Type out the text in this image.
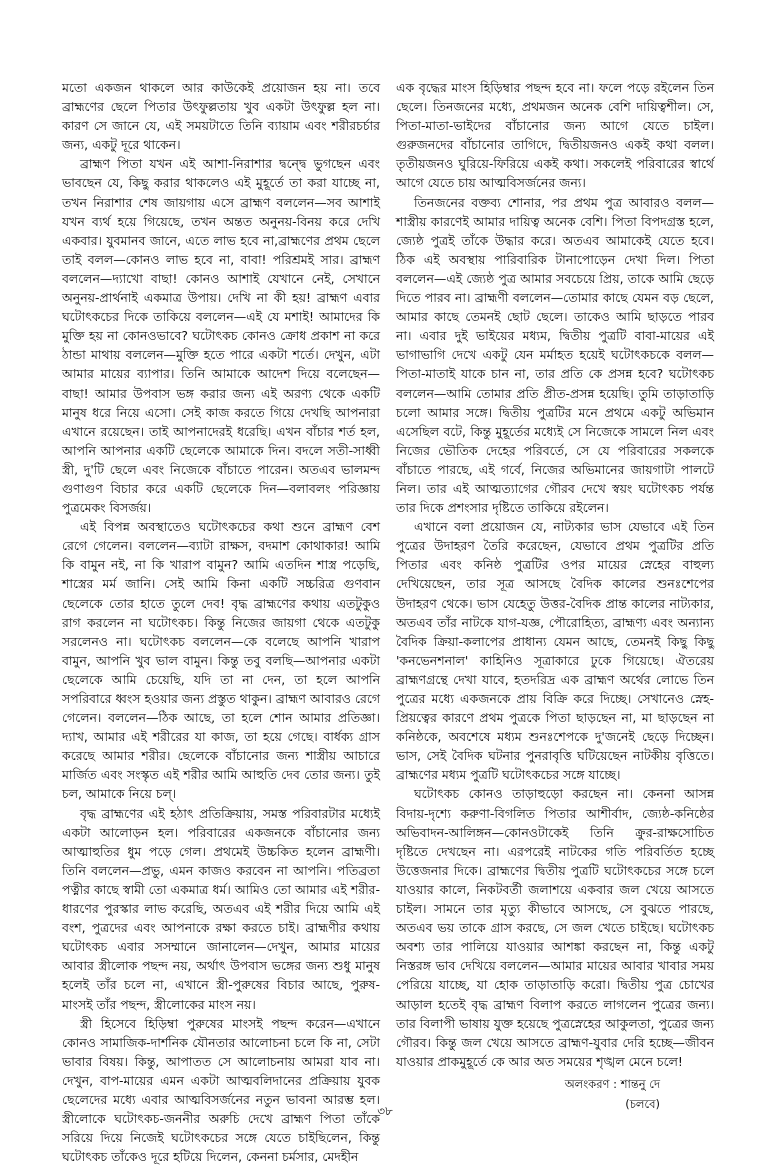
মতো একজন থাকলে আর কাউকেই প্রয়োজন হয় না। তবে ব্রাহ্মণের ছেলে পিতার উৎফুল্লতায় খুব একটা উৎফুল্ল হল না। কারণ সে জানে যে, এই সময়টাতে তিনি ব্যায়াম এবং শরীরচর্চার জন্য, একটু দূরে থাকেন।

ব্রাহ্মণ পিতা যখন এই আশা-নিরাশার দ্বন্দ্বে ভুগছেন এবং ভাবছেন যে, কিছু করার থাকলেও এই মুহূর্তে তা করা যাচ্ছে না, তখন নিরাশার শেষ জায়গায় এসে ব্রাহ্মণ বললেন—সব আশাই যখন ব্যর্থ হয়ে গিয়েছে, তখন অন্তত অনুনয়-বিনয় করে দেখি একবার। যুবমানব জানে, এতে লাভ হবে না,ব্রাহ্মণের প্রথম ছেলে তাই বলল—কোনও লাভ হবে না, বাবা! পরিশ্রমই সার। ব্রাহ্মণ বললেন—দ্যাখো বাছা! কোনও আশাই যেখানে নেই, সেখানে অনুনয়-প্রার্থনাই একমাত্র উপায়। দেখি না কী হয়! ব্রাহ্মণ এবার ঘটোৎকচের দিকে তাকিয়ে বললেন—এই যে মশাই! আমাদের কি মুক্তি হয় না কোনওভাবে? ঘটোৎকচ কোনও ক্রোধ প্রকাশ না করে ঠান্ডা মাথায় বললেন—মুক্তি হতে পারে একটা শর্তে। দেখুন, এটা আমার মায়ের ব্যাপার। তিনি আমাকে আদেশ দিয়ে বলেছেন—বাছা! আমার উপবাস ভঙ্গ করার জন্য এই অরণ্য থেকে একটি মানুষ ধরে নিয়ে এসো। সেই কাজ করতে গিয়ে দেখছি আপনারা এখানে রয়েছেন। তাই আপনাদেরই ধরেছি। এখন বাঁচার শর্ত হল, আপনি আপনার একটি ছেলেকে আমাকে দিন। বদলে সতী-সাধ্বী স্ত্রী, দু'টি ছেলে এবং নিজেকে বাঁচাতে পারেন। অতএব ভালমন্দ গুণাগুণ বিচার করে একটি ছেলেকে দিন—বলাবলং পরিজ্ঞায় পুত্রমেকং বিসর্জয়।

এই বিপন্ন অবস্থাতেও ঘটোৎকচের কথা শুনে ব্রাহ্মণ বেশ রেগে গেলেন। বললেন—ব্যাটা রাক্ষস, বদমাশ কোথাকার! আমি কি বামুন নই, না কি খারাপ বামুন? আমি এতদিন শাস্ত্র পড়েছি, শাস্ত্রের মর্ম জানি। সেই আমি কিনা একটি সচ্চরিত্র গুণবান ছেলেকে তোর হাতে তুলে দেব! বৃদ্ধ ব্রাহ্মণের কথায় এতটুকুও রাগ করলেন না ঘটোৎকচ। কিন্তু নিজের জায়গা থেকে এতটুকু সরলেনও না। ঘটোৎকচ বললেন—কে বলেছে আপনি খারাপ বামুন, আপনি খুব ভাল বামুন। কিন্তু তবু বলছি—আপনার একটা ছেলেকে আমি চেয়েছি, যদি তা না দেন, তা হলে আপনি সপরিবারে ধ্বংস হওয়ার জন্য প্রস্তুত থাকুন। ব্রাহ্মণ আবারও রেগে গেলেন। বললেন—ঠিক আছে, তা হলে শোন আমার প্রতিজ্ঞা। দ্যাখ, আমার এই শরীরের যা কাজ, তা হয়ে গেছে। বার্ধক্য গ্রাস করেছে আমার শরীর। ছেলেকে বাঁচানোর জন্য শাস্ত্রীয় আচারে মার্জিত এবং সংস্কৃত এই শরীর আমি আহুতি দেব তোর জন্য। তুই চল, আমাকে নিয়ে চল্।

বৃদ্ধ ব্রাহ্মণের এই হঠাৎ প্রতিক্রিয়ায়, সমস্ত পরিবারটার মধ্যেই একটা আলোড়ন হল। পরিবারের একজনকে বাঁচানোর জন্য আত্মাহুতির ধুম পড়ে গেল। প্রথমেই উচ্চকিত হলেন ব্রাহ্মণী। তিনি বললেন—প্রভু, এমন কাজও করবেন না আপনি। পতিব্রতা পত্নীর কাছে স্বামী তো একমাত্র ধর্ম। আমিও তো আমার এই শরীর-ধারণের পুরস্কার লাভ করেছি, অতএব এই শরীর দিয়ে আমি এই বংশ, পুত্রদের এবং আপনাকে রক্ষা করতে চাই। ব্রাহ্মণীর কথায় ঘটোৎকচ এবার সসম্মানে জানালেন—দেখুন, আমার মায়ের আবার স্ত্রীলোক পছন্দ নয়, অর্থাৎ উপবাস ভঙ্গের জন্য শুধু মানুষ হলেই তাঁর চলে না, এখানে স্ত্রী-পুরুষের বিচার আছে, পুরুষ-মাংসই তাঁর পছন্দ, স্ত্রীলোকের মাংস নয়।

স্ত্রী হিসেবে হিড়িম্বা পুরুষের মাংসই পছন্দ করেন—এখানে কোনও সামাজিক-দার্শনিক যৌনতার আলোচনা চলে কি না, সেটা ভাবার বিষয়। কিন্তু, আপাতত সে আলোচনায় আমরা যাব না। দেখুন, বাপ-মায়ের এমন একটা আত্মবলিদানের প্রক্রিয়ায় যুবক ছেলেদের মধ্যে এবার আত্মবিসর্জনের নতুন ভাবনা আরম্ভ হল। স্ত্রীলোকে ঘটোৎকচ-জননীর অরুচি দেখে ব্রাহ্মণ পিতা তাঁকে সরিয়ে দিয়ে নিজেই ঘটোৎকচের সঙ্গে যেতে চাইছিলেন, কিন্তু ঘটোৎকচ তাঁকেও দূরে হটিয়ে দিলেন, কেননা চর্মসার, মেদহীন

এক বৃদ্ধের মাংস হিড়িম্বার পছন্দ হবে না। ফলে পড়ে রইলেন তিন ছেলে। তিনজনের মধ্যে, প্রথমজন অনেক বেশি দায়িত্বশীল। সে, পিতা-মাতা-ভাইদের বাঁচানোর জন্য আগে যেতে চাইল। গুরুজনদের বাঁচানোর তাগিদে, দ্বিতীয়জনও একই কথা বলল। তৃতীয়জনও ঘুরিয়ে-ফিরিয়ে একই কথা। সকলেই পরিবারের স্বার্থে আগে যেতে চায় আত্মবিসর্জনের জন্য।

তিনজনের বক্তব্য শোনার, পর প্রথম পুত্র আবারও বলল—শাস্ত্রীয় কারণেই আমার দায়িত্ব অনেক বেশি। পিতা বিপদগ্রস্ত হলে, জ্যেষ্ঠ পুত্রই তাঁকে উদ্ধার করে। অতএব আমাকেই যেতে হবে। ঠিক এই অবস্থায় পারিবারিক টানাপোড়েন দেখা দিল। পিতা বললেন—এই জ্যেষ্ঠ পুত্র আমার সবচেয়ে প্রিয়, তাকে আমি ছেড়ে দিতে পারব না। ব্রাহ্মণী বললেন—তোমার কাছে যেমন বড় ছেলে, আমার কাছে তেমনই ছোট ছেলে। তাকেও আমি ছাড়তে পারব না। এবার দুই ভাইয়ের মধ্যম, দ্বিতীয় পুত্রটি বাবা-মায়ের এই ভাগাভাগি দেখে একটু যেন মর্মাহত হয়েই ঘটোৎকচকে বলল—পিতা-মাতাই যাকে চান না, তার প্রতি কে প্রসন্ন হবে? ঘটোৎকচ বললেন—আমি তোমার প্রতি প্রীত-প্রসন্ন হয়েছি। তুমি তাড়াতাড়ি চলো আমার সঙ্গে। দ্বিতীয় পুত্রটির মনে প্রথমে একটু অভিমান এসেছিল বটে, কিন্তু মুহূর্তের মধ্যেই সে নিজেকে সামলে নিল এবং নিজের ভৌতিক দেহের পরিবর্তে, সে যে পরিবারের সকলকে বাঁচাতে পারছে, এই গর্বে, নিজের অভিমানের জায়গাটা পালটে নিল। তার এই আত্মত্যাগের গৌরব দেখে স্বয়ং ঘটোৎকচ পর্যন্ত তার দিকে প্রশংসার দৃষ্টিতে তাকিয়ে রইলেন।

এখানে বলা প্রয়োজন যে, নাট্যকার ভাস যেভাবে এই তিন পুত্রের উদাহরণ তৈরি করেছেন, যেভাবে প্রথম পুত্রটির প্রতি পিতার এবং কনিষ্ঠ পুত্রটির ওপর মায়ের স্নেহের বাহুল্য দেখিয়েছেন, তার সূত্র আসছে বৈদিক কালের শুনঃশেপের উদাহরণ থেকে। ভাস যেহেতু উত্তর-বৈদিক প্রান্ত কালের নাট্যকার, অতএব তাঁর নাটকে যাগ-যজ্ঞ, পৌরোহিত্য, ব্রাহ্মণ্য এবং অন্যান্য বৈদিক ক্রিয়া-কলাপের প্রাধান্য যেমন আছে, তেমনই কিছু কিছু 'কনভেনশনাল' কাহিনিও সূত্রাকারে ঢুকে গিয়েছে। ঐতরেয় ব্রাহ্মণগ্রন্থে দেখা যাবে, হতদরিদ্র এক ব্রাহ্মণ অর্থের লোভে তিন পুত্রের মধ্যে একজনকে প্রায় বিক্রি করে দিচ্ছে। সেখানেও স্নেহ-প্রিয়ত্বের কারণে প্রথম পুত্রকে পিতা ছাড়ছেন না, মা ছাড়ছেন না কনিষ্ঠকে, অবশেষে মধ্যম শুনঃশেপকে দু'জনেই ছেড়ে দিচ্ছেন। ভাস, সেই বৈদিক ঘটনার পুনরাবৃত্তি ঘটিয়েছেন নাটকীয় বৃত্তিতে। ব্রাহ্মণের মধ্যম পুত্রটি ঘটোৎকচের সঙ্গে যাচ্ছে।

ঘটোৎকচ কোনও তাড়াহুড়ো করছেন না। কেননা আসন্ন বিদায়-দৃশ্যে করুণা-বিগলিত পিতার আশীর্বাদ, জ্যেষ্ঠ-কনিষ্ঠের অভিবাদন-আলিঙ্গন—কোনওটাকেই তিনি ক্রুর-রাক্ষসোচিত দৃষ্টিতে দেখছেন না। এরপরেই নাটকের গতি পরিবর্তিত হচ্ছে উত্তেজনার দিকে। ব্রাহ্মণের দ্বিতীয় পুত্রটি ঘটোৎকচের সঙ্গে চলে যাওয়ার কালে, নিকটবর্তী জলাশয়ে একবার জল খেয়ে আসতে চাইল। সামনে তার মৃত্যু কীভাবে আসছে, সে বুঝতে পারছে, অতএব ভয় তাকে গ্রাস করছে, সে জল খেতে চাইছে। ঘটোৎকচ অবশ্য তার পালিয়ে যাওয়ার আশঙ্কা করছেন না, কিন্তু একটু নিস্তরঙ্গ ভাব দেখিয়ে বললেন—আমার মায়ের আবার খাবার সময় পেরিয়ে যাচ্ছে, যা হোক তাড়াতাড়ি করো। দ্বিতীয় পুত্র চোখের আড়াল হতেই বৃদ্ধ ব্রাহ্মণ বিলাপ করতে লাগলেন পুত্রের জন্য। তার বিলাপী ভাষায় যুক্ত হয়েছে পুত্রস্নেহের আকুলতা, পুত্রের জন্য গৌরব। কিন্তু জল খেয়ে আসতে ব্রাহ্মণ-যুবার দেরি হচ্ছে—জীবন যাওয়ার প্রাকমুহূর্তে কে আর অত সময়ের শৃঙ্খল মেনে চলে!

অলংকরণ : শান্তনু দে
(চলবে)
৩৮
